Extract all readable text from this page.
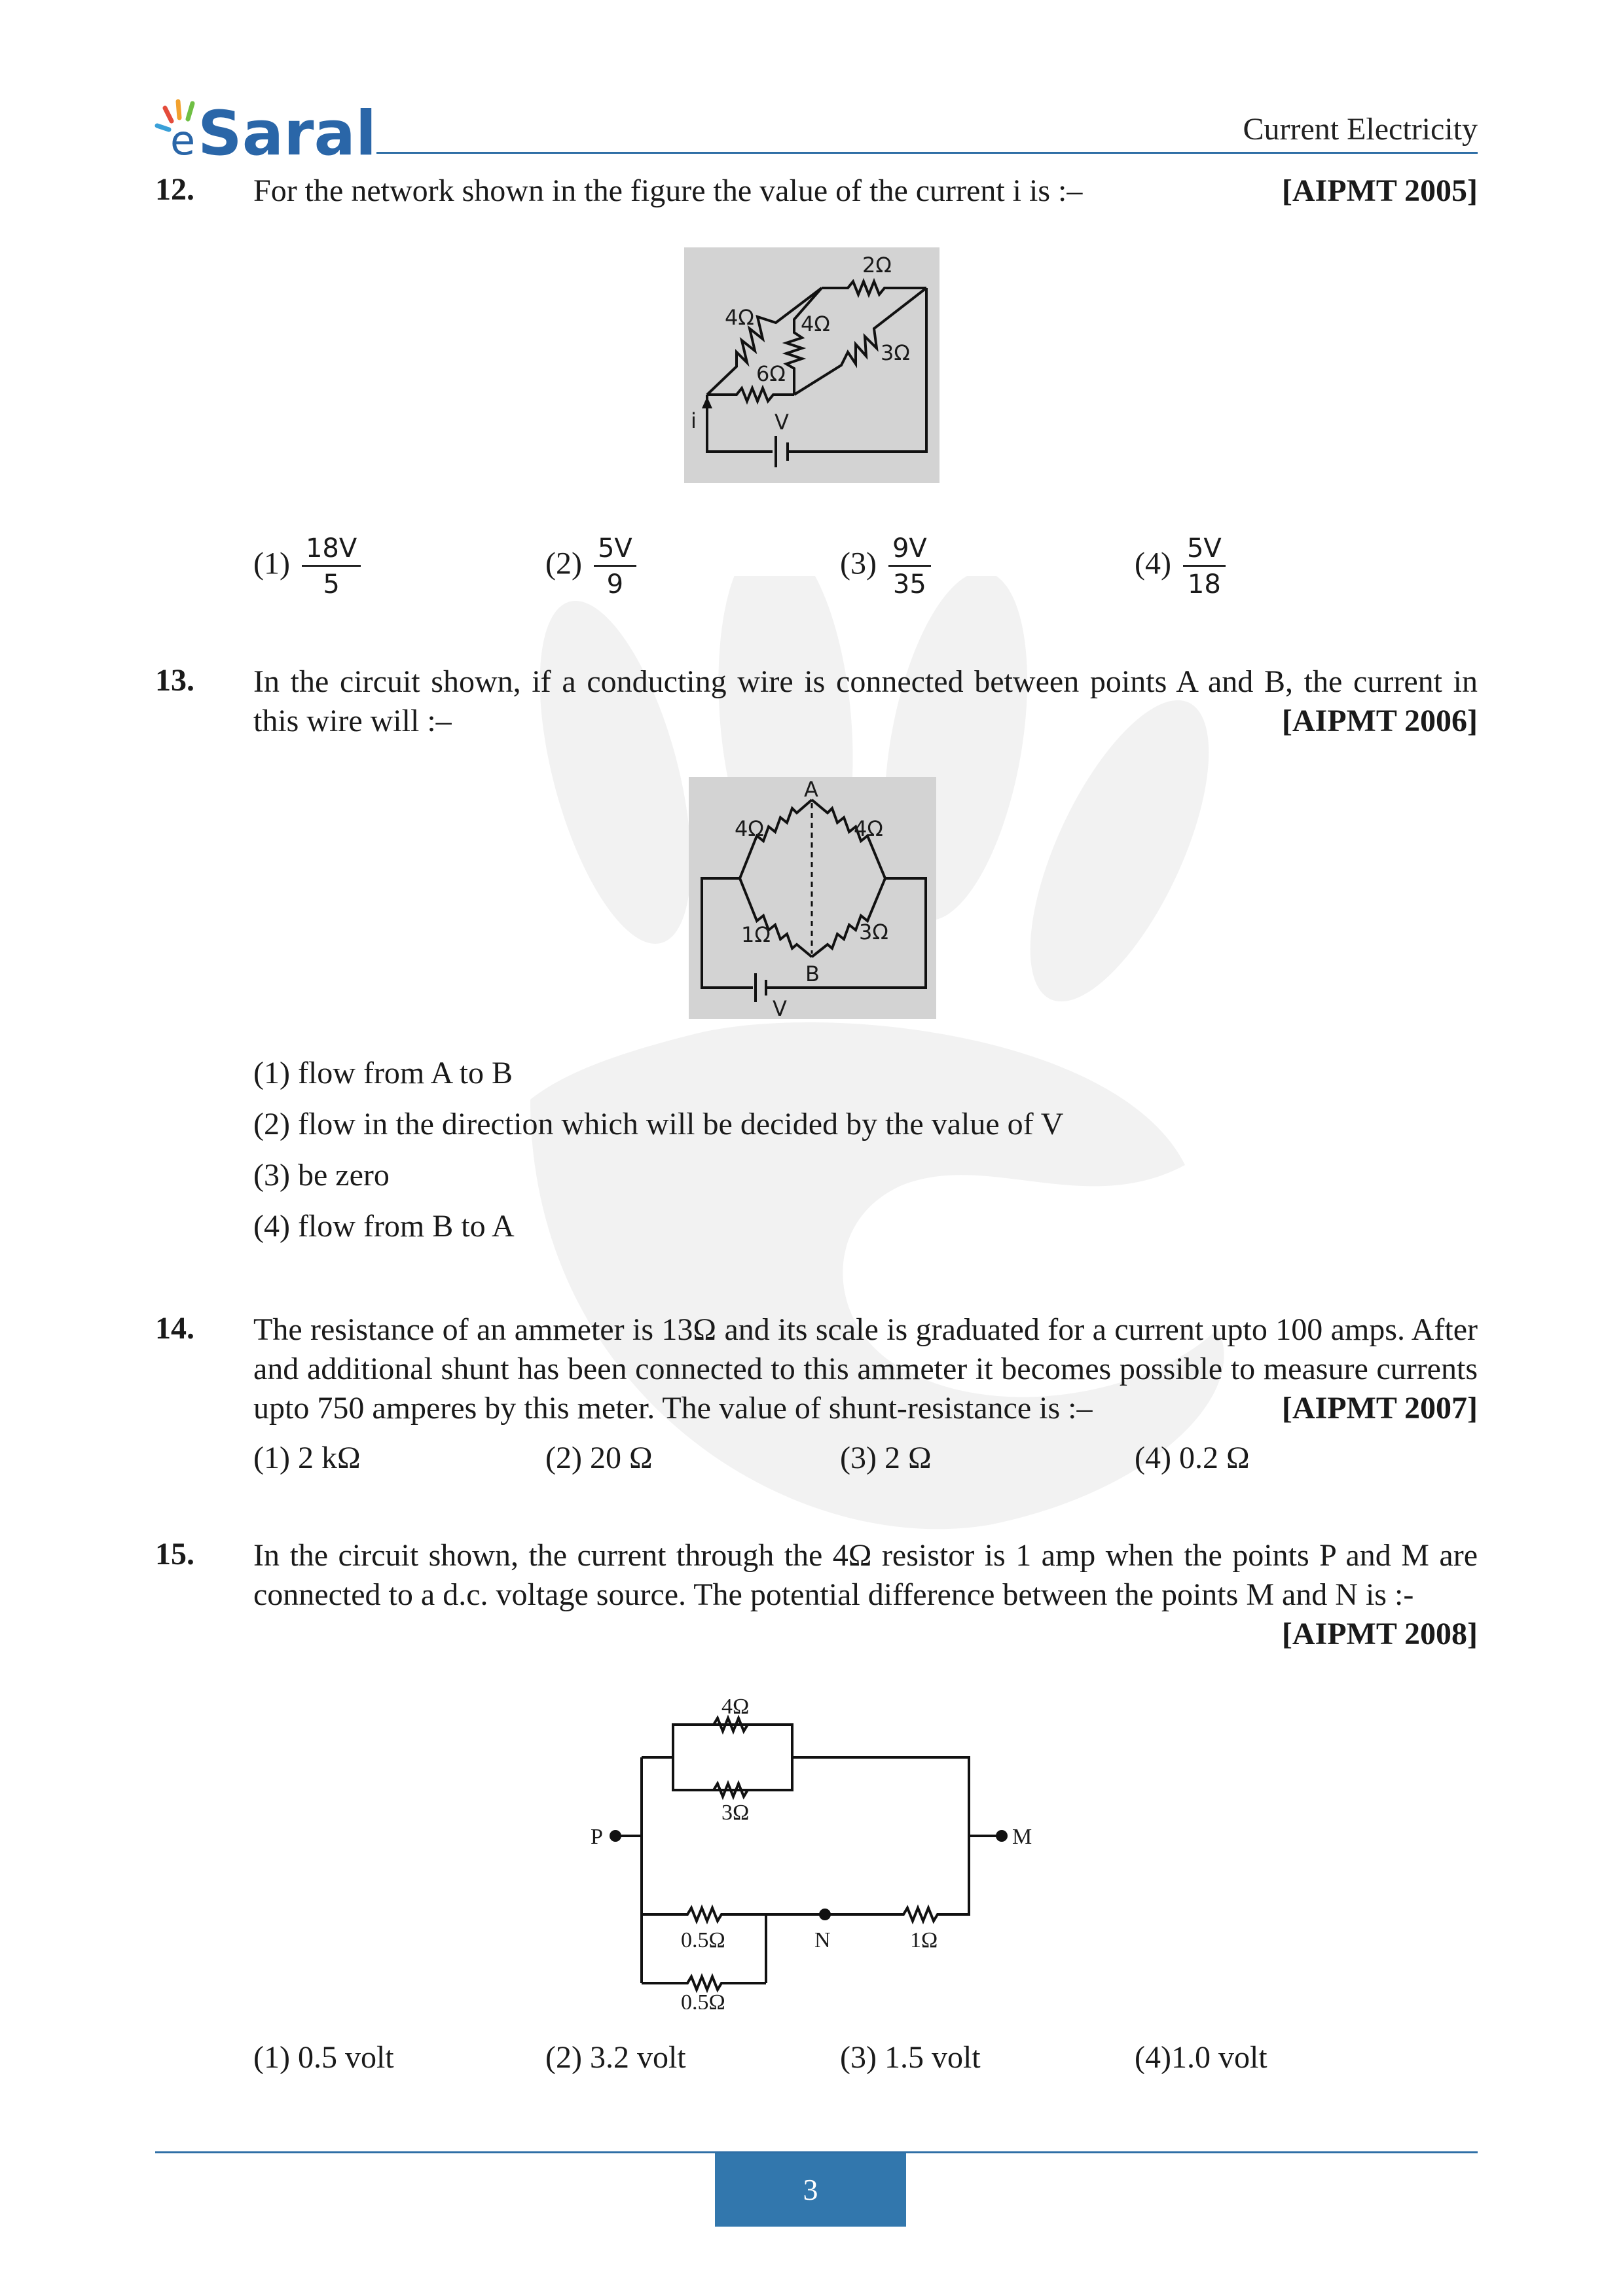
e Saral	Current Electricity
12.	[AIPMT 2005]
For the network shown in the figure the value of the current i is :–
2Ω
4Ω 4Ω
3Ω
6Ω
i	V
$(1) \frac{18V}{5}$	$(2) \frac{5V}{9}$	$(3) \frac{9V}{35}$	$(4) \frac{5V}{18}$
13. In the circuit shown, if a conducting wire is connected between points A and B, the current in this wire will :–	[AIPMT 2006]
A
4Ω	4Ω
1Ω	3Ω
B
V
(1) flow from A to B
(2) flow in the direction which will be decided by the value of V
(3) be zero
(4) flow from B to A
14. The resistance of an ammeter is 13Ω and its scale is graduated for a current upto 100 amps. After and additional shunt has been connected to this ammeter it becomes possible to measure currents upto 750 amperes by this meter. The value of shunt-resistance is :–	[AIPMT 2007]
(1) 2 kΩ	(2) 20 Ω	(3) 2 Ω	(4) 0.2 Ω
15. In the circuit shown, the current through the 4Ω resistor is 1 amp when the points P and M are connected to a d.c. voltage source. The potential difference between the points M and N is :-
[AIPMT 2008]
4Ω
3Ω
P	M
0.5Ω	N	1Ω
0.5Ω
(1) 0.5 volt	(2) 3.2 volt	(3) 1.5 volt	(4)1.0 volt
3
